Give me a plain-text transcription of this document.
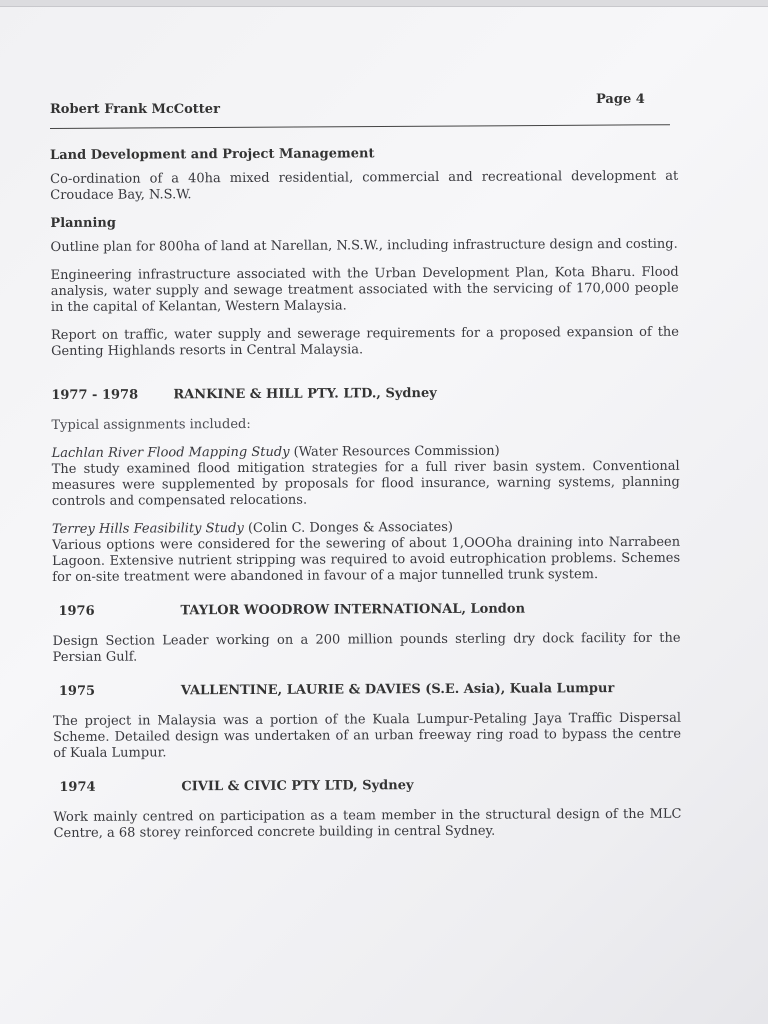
Robert Frank McCotter
Page 4
Land Development and Project Management

Co-ordination of a 40ha mixed residential, commercial and recreational development at Croudace Bay, N.S.W.

Planning

Outline plan for 800ha of land at Narellan, N.S.W., including infrastructure design and costing.

Engineering infrastructure associated with the Urban Development Plan, Kota Bharu. Flood analysis, water supply and sewage treatment associated with the servicing of 170,000 people in the capital of Kelantan, Western Malaysia.

Report on traffic, water supply and sewerage requirements for a proposed expansion of the Genting Highlands resorts in Central Malaysia.

1977 - 1978	RANKINE & HILL PTY. LTD., Sydney

Typical assignments included:

Lachlan River Flood Mapping Study (Water Resources Commission)
The study examined flood mitigation strategies for a full river basin system. Conventional measures were supplemented by proposals for flood insurance, warning systems, planning controls and compensated relocations.

Terrey Hills Feasibility Study (Colin C. Donges & Associates)
Various options were considered for the sewering of about 1,OOOha draining into Narrabeen Lagoon. Extensive nutrient stripping was required to avoid eutrophication problems. Schemes for on-site treatment were abandoned in favour of a major tunnelled trunk system.

1976	TAYLOR WOODROW INTERNATIONAL, London

Design Section Leader working on a 200 million pounds sterling dry dock facility for the Persian Gulf.

1975	VALLENTINE, LAURIE & DAVIES (S.E. Asia), Kuala Lumpur

The project in Malaysia was a portion of the Kuala Lumpur-Petaling Jaya Traffic Dispersal Scheme. Detailed design was undertaken of an urban freeway ring road to bypass the centre of Kuala Lumpur.

1974	CIVIL & CIVIC PTY LTD, Sydney

Work mainly centred on participation as a team member in the structural design of the MLC Centre, a 68 storey reinforced concrete building in central Sydney.
